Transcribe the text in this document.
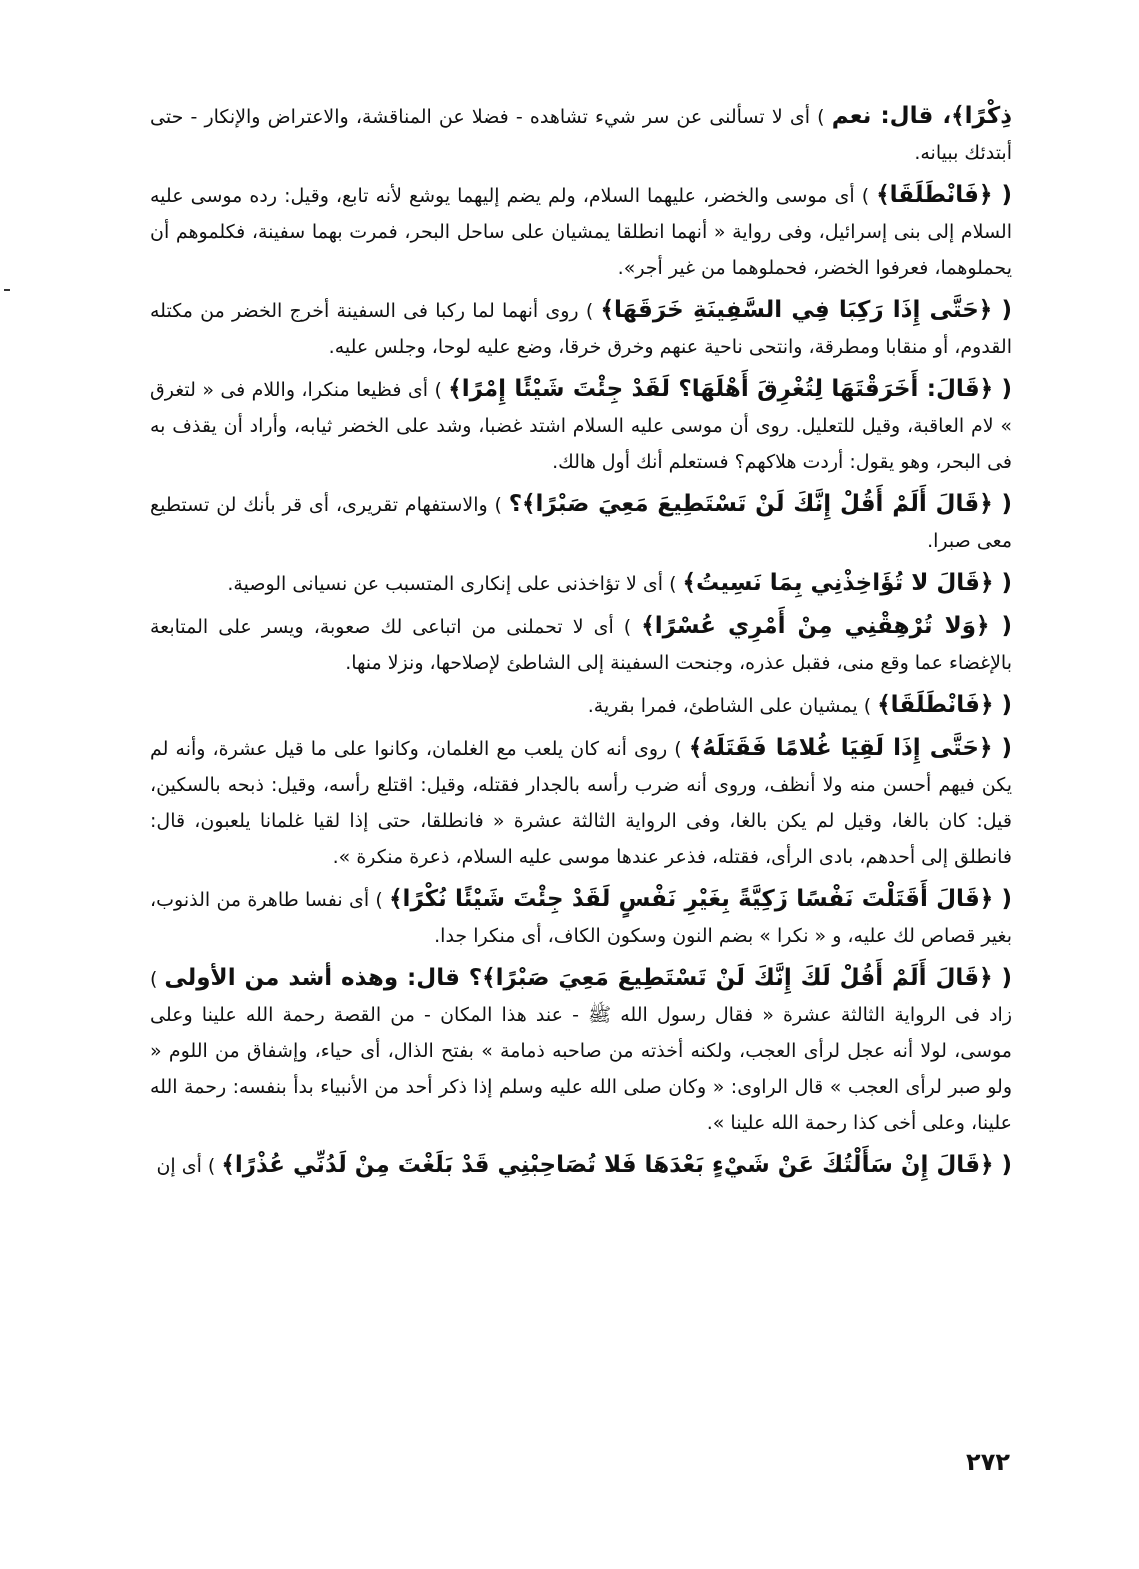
ذِكْرًا﴾، قال: نعم ) أى لا تسألنى عن سر شيء تشاهده - فضلا عن المناقشة، والاعتراض والإنكار - حتى أبتدئك ببيانه.

( ﴿فَانْطَلَقَا﴾ ) أى موسى والخضر، عليهما السلام، ولم يضم إليهما يوشع لأنه تابع، وقيل: رده موسى عليه السلام إلى بنى إسرائيل، وفى رواية « أنهما انطلقا يمشيان على ساحل البحر، فمرت بهما سفينة، فكلموهم أن يحملوهما، فعرفوا الخضر، فحملوهما من غير أجر».

( ﴿حَتَّى إِذَا رَكِبَا فِي السَّفِينَةِ خَرَقَهَا﴾ ) روى أنهما لما ركبا فى السفينة أخرج الخضر من مكتله القدوم، أو منقابا ومطرقة، وانتحى ناحية عنهم وخرق خرقا، وضع عليه لوحا، وجلس عليه.

( ﴿قَالَ: أَخَرَقْتَهَا لِتُغْرِقَ أَهْلَهَا؟ لَقَدْ جِئْتَ شَيْئًا إِمْرًا﴾ ) أى فظيعا منكرا، واللام فى « لتغرق » لام العاقبة، وقيل للتعليل. روى أن موسى عليه السلام اشتد غضبا، وشد على الخضر ثيابه، وأراد أن يقذف به فى البحر، وهو يقول: أردت هلاكهم؟ فستعلم أنك أول هالك.

( ﴿قَالَ أَلَمْ أَقُلْ إِنَّكَ لَنْ تَسْتَطِيعَ مَعِيَ صَبْرًا﴾؟ ) والاستفهام تقريرى، أى قر بأنك لن تستطيع معى صبرا.

( ﴿قَالَ لا تُؤَاخِذْنِي بِمَا نَسِيتُ﴾ ) أى لا تؤاخذنى على إنكارى المتسبب عن نسيانى الوصية.

( ﴿وَلا تُرْهِقْنِي مِنْ أَمْرِي عُسْرًا﴾ ) أى لا تحملنى من اتباعى لك صعوبة، ويسر على المتابعة بالإغضاء عما وقع منى، فقبل عذره، وجنحت السفينة إلى الشاطئ لإصلاحها، ونزلا منها.

( ﴿فَانْطَلَقَا﴾ ) يمشيان على الشاطئ، فمرا بقرية.

( ﴿حَتَّى إِذَا لَقِيَا غُلامًا فَقَتَلَهُ﴾ ) روى أنه كان يلعب مع الغلمان، وكانوا على ما قيل عشرة، وأنه لم يكن فيهم أحسن منه ولا أنظف، وروى أنه ضرب رأسه بالجدار فقتله، وقيل: اقتلع رأسه، وقيل: ذبحه بالسكين، قيل: كان بالغا، وقيل لم يكن بالغا، وفى الرواية الثالثة عشرة « فانطلقا، حتى إذا لقيا غلمانا يلعبون، قال: فانطلق إلى أحدهم، بادى الرأى، فقتله، فذعر عندها موسى عليه السلام، ذعرة منكرة ».

( ﴿قَالَ أَقَتَلْتَ نَفْسًا زَكِيَّةً بِغَيْرِ نَفْسٍ لَقَدْ جِئْتَ شَيْئًا نُكْرًا﴾ ) أى نفسا طاهرة من الذنوب، بغير قصاص لك عليه، و « نكرا » بضم النون وسكون الكاف، أى منكرا جدا.

( ﴿قَالَ أَلَمْ أَقُلْ لَكَ إِنَّكَ لَنْ تَسْتَطِيعَ مَعِيَ صَبْرًا﴾؟ قال: وهذه أشد من الأولى ) زاد فى الرواية الثالثة عشرة « فقال رسول الله ﷺ - عند هذا المكان - من القصة رحمة الله علينا وعلى موسى، لولا أنه عجل لرأى العجب، ولكنه أخذته من صاحبه ذمامة » بفتح الذال، أى حياء، وإشفاق من اللوم « ولو صبر لرأى العجب » قال الراوى: « وكان صلى الله عليه وسلم إذا ذكر أحد من الأنبياء بدأ بنفسه: رحمة الله علينا، وعلى أخى كذا رحمة الله علينا ».

( ﴿قَالَ إِنْ سَأَلْتُكَ عَنْ شَيْءٍ بَعْدَهَا فَلا تُصَاحِبْنِي قَدْ بَلَغْتَ مِنْ لَدُنِّي عُذْرًا﴾ ) أى إن

٢٧٢
